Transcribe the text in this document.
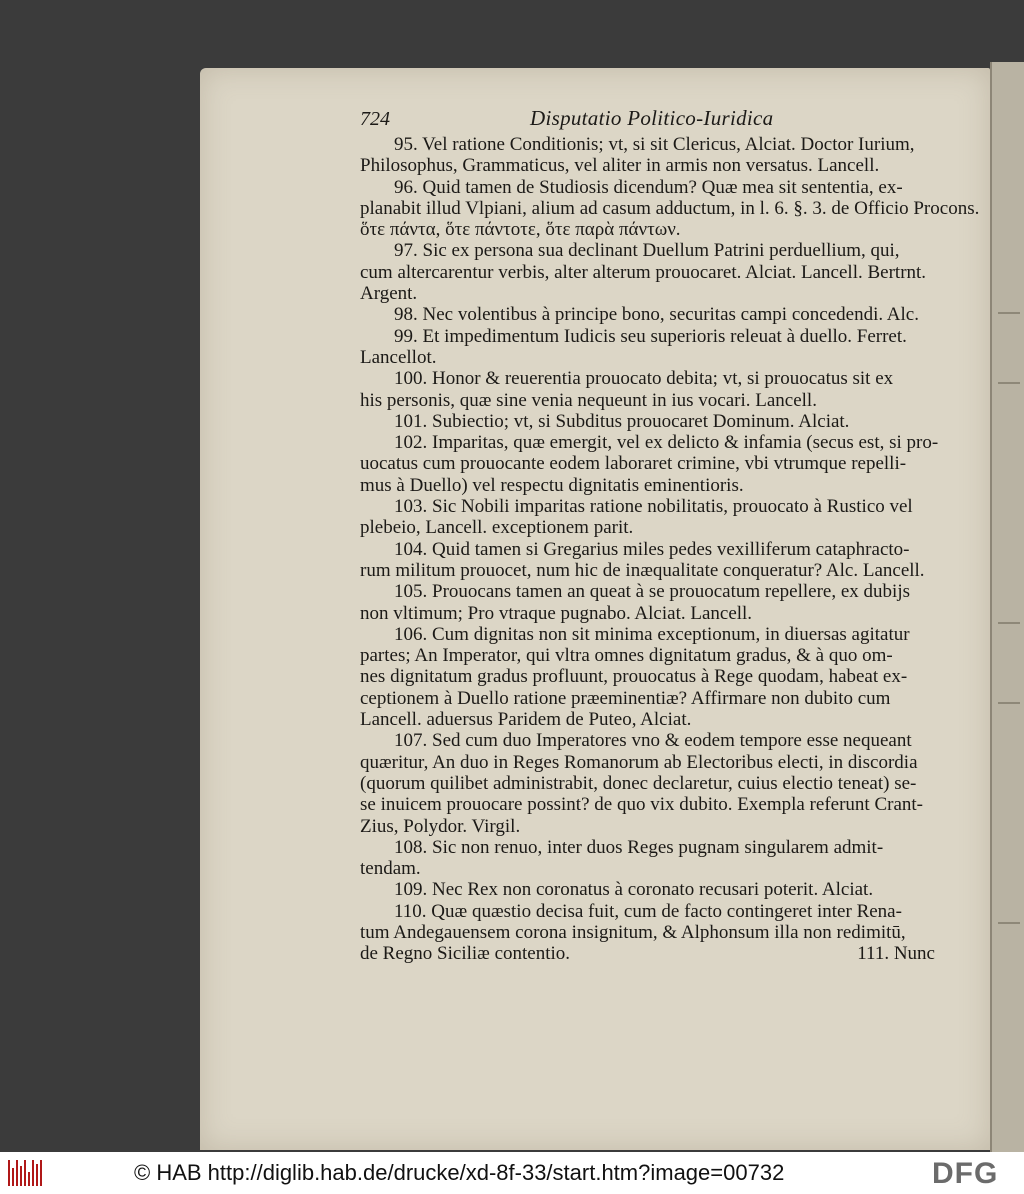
724	Disputatio Politico-Iuridica
95. Vel ratione Conditionis; vt, si sit Clericus, Alciat. Doctor Iurium,
Philosophus, Grammaticus, vel aliter in armis non versatus. Lancell.
96. Quid tamen de Studiosis dicendum? Quæ mea sit sententia, ex-
planabit illud Vlpiani, alium ad casum adductum, in l. 6. §. 3. de Officio Procons.
ὅτε πάντα, ὅτε πάντοτε, ὅτε παρὰ πάντων.
97. Sic ex persona sua declinant Duellum Patrini perduellium, qui,
cum altercarentur verbis, alter alterum prouocaret. Alciat. Lancell. Bertrnt.
Argent.
98. Nec volentibus à principe bono, securitas campi concedendi. Alc.
99. Et impedimentum Iudicis seu superioris releuat à duello. Ferret.
Lancellot.
100. Honor & reuerentia prouocato debita; vt, si prouocatus sit ex
his personis, quæ sine venia nequeunt in ius vocari. Lancell.
101. Subiectio; vt, si Subditus prouocaret Dominum. Alciat.
102. Imparitas, quæ emergit, vel ex delicto & infamia (secus est, si pro-
uocatus cum prouocante eodem laboraret crimine, vbi vtrumque repelli-
mus à Duello) vel respectu dignitatis eminentioris.
103. Sic Nobili imparitas ratione nobilitatis, prouocato à Rustico vel
plebeio, Lancell. exceptionem parit.
104. Quid tamen si Gregarius miles pedes vexilliferum cataphracto-
rum militum prouocet, num hic de inæqualitate conqueratur? Alc. Lancell.
105. Prouocans tamen an queat à se prouocatum repellere, ex dubijs
non vltimum; Pro vtraque pugnabo. Alciat. Lancell.
106. Cum dignitas non sit minima exceptionum, in diuersas agitatur
partes; An Imperator, qui vltra omnes dignitatum gradus, & à quo om-
nes dignitatum gradus profluunt, prouocatus à Rege quodam, habeat ex-
ceptionem à Duello ratione præeminentiæ? Affirmare non dubito cum
Lancell. aduersus Paridem de Puteo, Alciat.
107. Sed cum duo Imperatores vno & eodem tempore esse nequeant
quæritur, An duo in Reges Romanorum ab Electoribus electi, in discordia
(quorum quilibet administrabit, donec declaretur, cuius electio teneat) se-
se inuicem prouocare possint? de quo vix dubito. Exempla referunt Crant-
Zius, Polydor. Virgil.
108. Sic non renuo, inter duos Reges pugnam singularem admit-
tendam.
109. Nec Rex non coronatus à coronato recusari poterit. Alciat.
110. Quæ quæstio decisa fuit, cum de facto contingeret inter Rena-
tum Andegauensem corona insignitum, & Alphonsum illa non redimitū,
de Regno Siciliæ contentio.	111. Nunc
© HAB http://diglib.hab.de/drucke/xd-8f-33/start.htm?image=00732	DFG
